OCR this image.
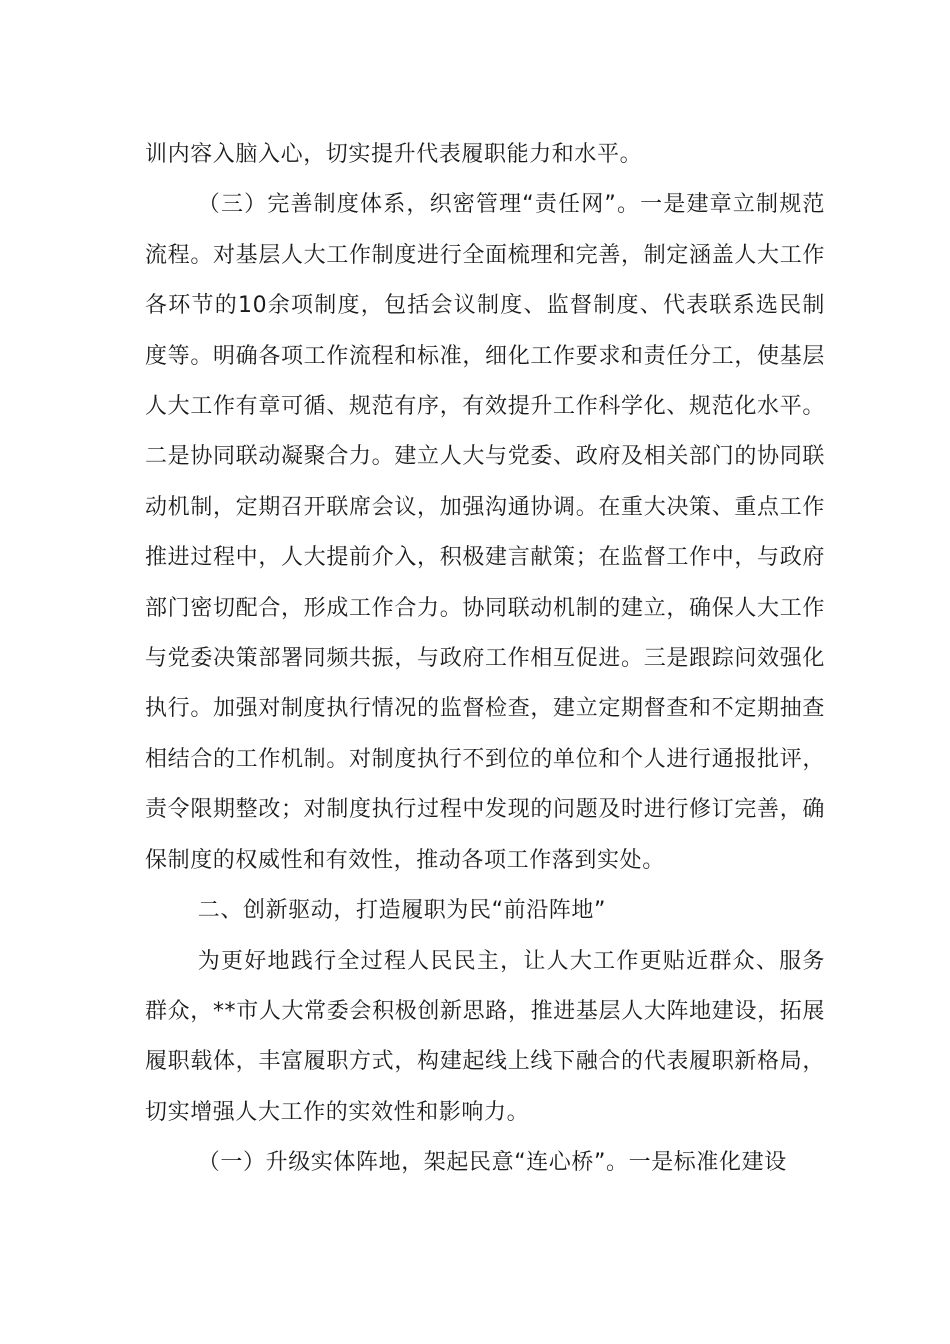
训内容入脑入心，切实提升代表履职能力和水平。

（三）完善制度体系，织密管理“责任网”。一是建章立制规范流程。对基层人大工作制度进行全面梳理和完善，制定涵盖人大工作各环节的10余项制度，包括会议制度、监督制度、代表联系选民制度等。明确各项工作流程和标准，细化工作要求和责任分工，使基层人大工作有章可循、规范有序，有效提升工作科学化、规范化水平。二是协同联动凝聚合力。建立人大与党委、政府及相关部门的协同联动机制，定期召开联席会议，加强沟通协调。在重大决策、重点工作推进过程中，人大提前介入，积极建言献策；在监督工作中，与政府部门密切配合，形成工作合力。协同联动机制的建立，确保人大工作与党委决策部署同频共振，与政府工作相互促进。三是跟踪问效强化执行。加强对制度执行情况的监督检查，建立定期督查和不定期抽查相结合的工作机制。对制度执行不到位的单位和个人进行通报批评，责令限期整改；对制度执行过程中发现的问题及时进行修订完善，确保制度的权威性和有效性，推动各项工作落到实处。

二、创新驱动，打造履职为民“前沿阵地”

为更好地践行全过程人民民主，让人大工作更贴近群众、服务群众，**市人大常委会积极创新思路，推进基层人大阵地建设，拓展履职载体，丰富履职方式，构建起线上线下融合的代表履职新格局，切实增强人大工作的实效性和影响力。

（一）升级实体阵地，架起民意“连心桥”。一是标准化建设
